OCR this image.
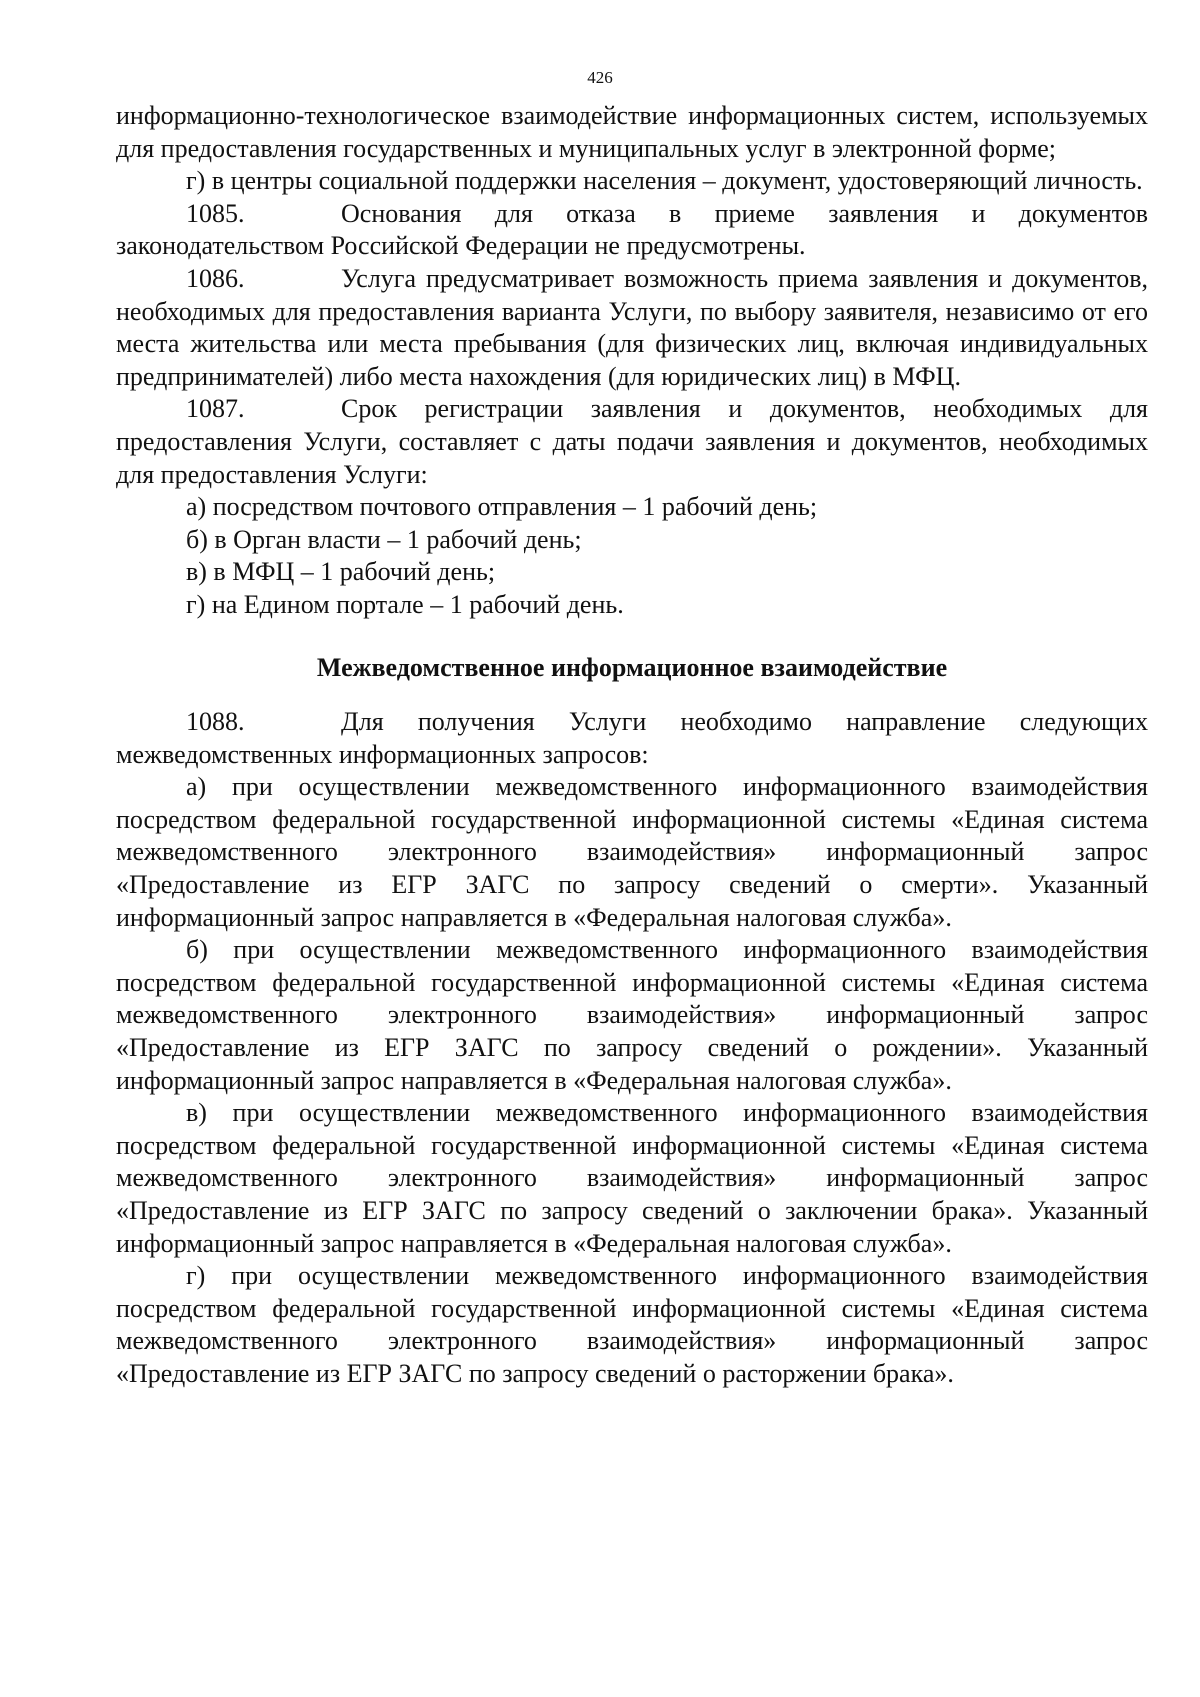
426

информационно-технологическое взаимодействие информационных систем, используемых для предоставления государственных и муниципальных услуг в электронной форме;

г) в центры социальной поддержки населения – документ, удостоверяющий личность.

1085.	Основания для отказа в приеме заявления и документов законодательством Российской Федерации не предусмотрены.

1086.	Услуга предусматривает возможность приема заявления и документов, необходимых для предоставления варианта Услуги, по выбору заявителя, независимо от его места жительства или места пребывания (для физических лиц, включая индивидуальных предпринимателей) либо места нахождения (для юридических лиц) в МФЦ.

1087.	Срок регистрации заявления и документов, необходимых для предоставления Услуги, составляет с даты подачи заявления и документов, необходимых для предоставления Услуги:

а) посредством почтового отправления – 1 рабочий день;

б) в Орган власти – 1 рабочий день;

в) в МФЦ – 1 рабочий день;

г) на Едином портале – 1 рабочий день.

Межведомственное информационное взаимодействие

1088.	Для получения Услуги необходимо направление следующих межведомственных информационных запросов:

а) при осуществлении межведомственного информационного взаимодействия посредством федеральной государственной информационной системы «Единая система межведомственного электронного взаимодействия» информационный запрос «Предоставление из ЕГР ЗАГС по запросу сведений о смерти». Указанный информационный запрос направляется в «Федеральная налоговая служба».

б) при осуществлении межведомственного информационного взаимодействия посредством федеральной государственной информационной системы «Единая система межведомственного электронного взаимодействия» информационный запрос «Предоставление из ЕГР ЗАГС по запросу сведений о рождении». Указанный информационный запрос направляется в «Федеральная налоговая служба».

в) при осуществлении межведомственного информационного взаимодействия посредством федеральной государственной информационной системы «Единая система межведомственного электронного взаимодействия» информационный запрос «Предоставление из ЕГР ЗАГС по запросу сведений о заключении брака». Указанный информационный запрос направляется в «Федеральная налоговая служба».

г) при осуществлении межведомственного информационного взаимодействия посредством федеральной государственной информационной системы «Единая система межведомственного электронного взаимодействия» информационный запрос «Предоставление из ЕГР ЗАГС по запросу сведений о расторжении брака».
